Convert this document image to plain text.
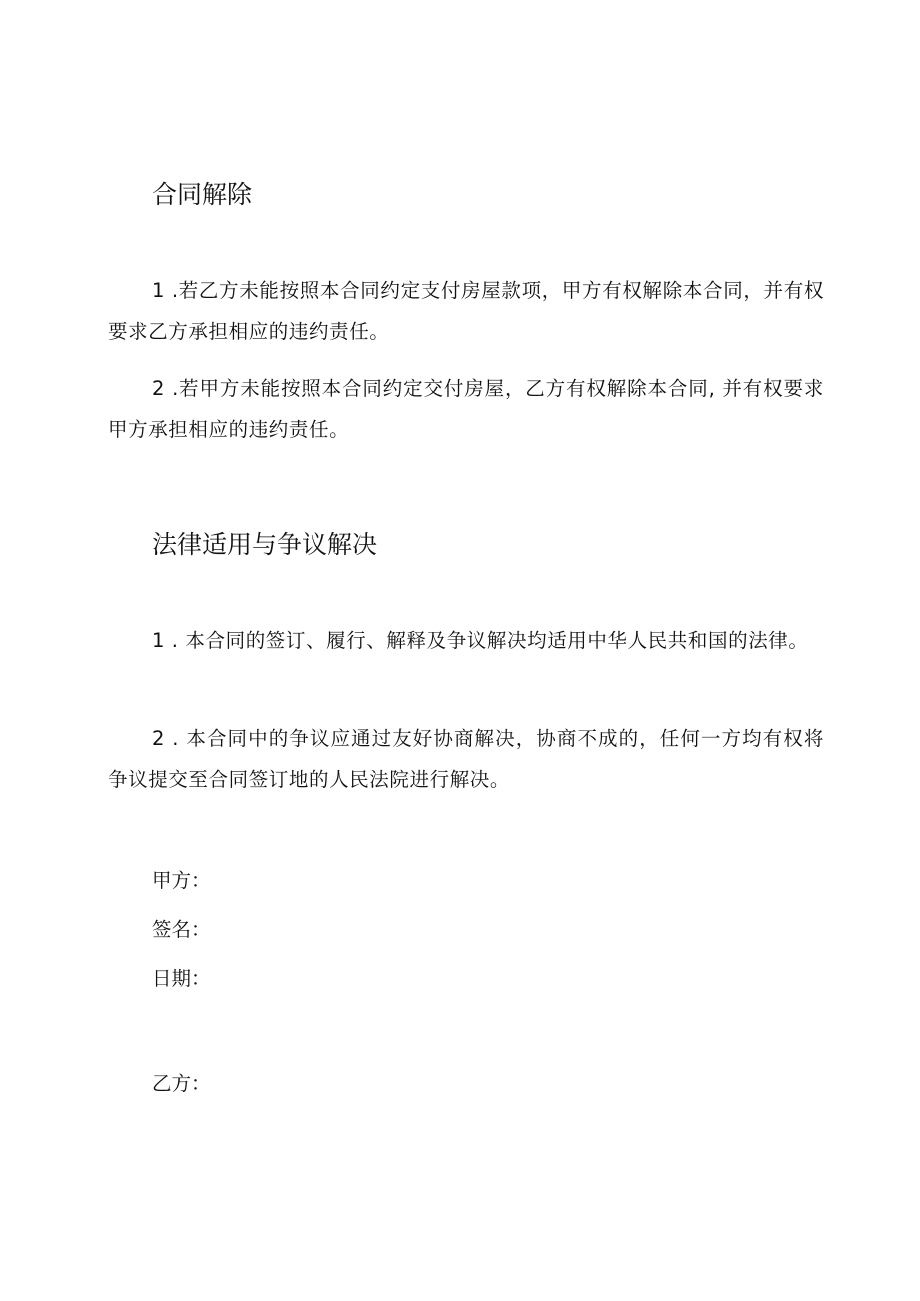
合同解除

1 .若乙方未能按照本合同约定支付房屋款项，甲方有权解除本合同，并有权要求乙方承担相应的违约责任。

2 .若甲方未能按照本合同约定交付房屋，乙方有权解除本合同, 并有权要求甲方承担相应的违约责任。

法律适用与争议解决

1 . 本合同的签订、履行、解释及争议解决均适用中华人民共和国的法律。

2 . 本合同中的争议应通过友好协商解决，协商不成的，任何一方均有权将争议提交至合同签订地的人民法院进行解决。

甲方：
签名：
日期：
乙方：
